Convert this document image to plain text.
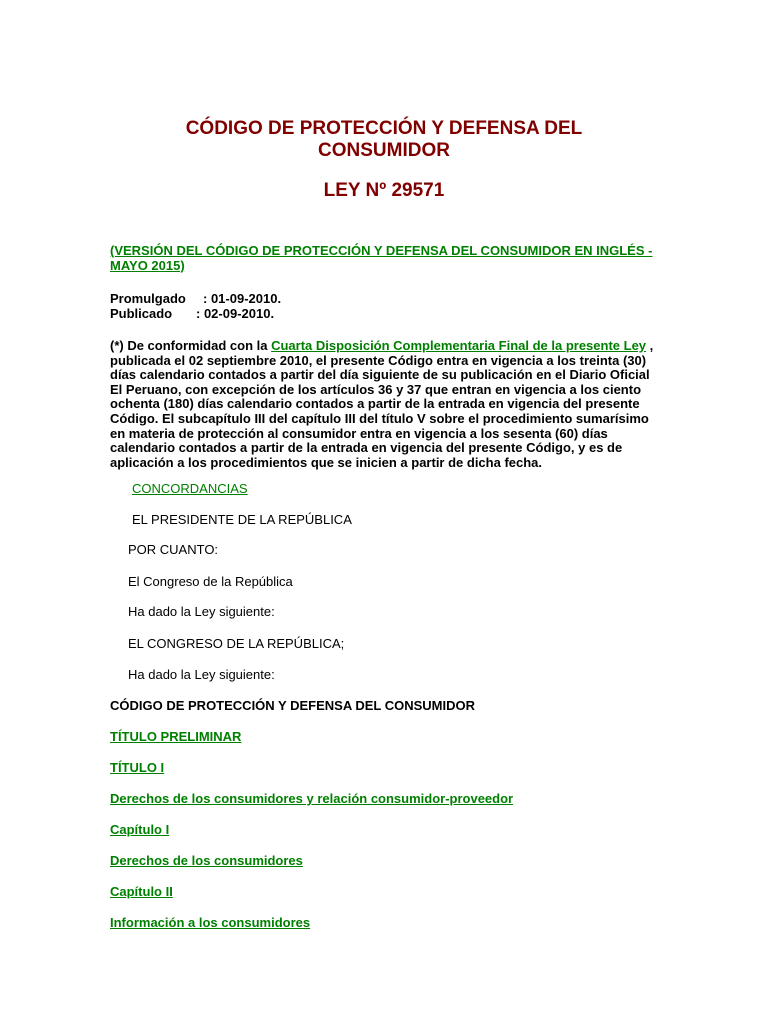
CÓDIGO DE PROTECCIÓN Y DEFENSA DEL
CONSUMIDOR
LEY Nº 29571
(VERSIÓN DEL CÓDIGO DE PROTECCIÓN Y DEFENSA DEL CONSUMIDOR EN INGLÉS -
MAYO 2015)
Promulgado : 01-09-2010.
Publicado : 02-09-2010.
(*) De conformidad con la Cuarta Disposición Complementaria Final de la presente Ley ,
publicada el 02 septiembre 2010, el presente Código entra en vigencia a los treinta (30)
días calendario contados a partir del día siguiente de su publicación en el Diario Oficial
El Peruano, con excepción de los artículos 36 y 37 que entran en vigencia a los ciento
ochenta (180) días calendario contados a partir de la entrada en vigencia del presente
Código. El subcapítulo III del capítulo III del título V sobre el procedimiento sumarísimo
en materia de protección al consumidor entra en vigencia a los sesenta (60) días
calendario contados a partir de la entrada en vigencia del presente Código, y es de
aplicación a los procedimientos que se inicien a partir de dicha fecha.
CONCORDANCIAS
EL PRESIDENTE DE LA REPÚBLICA
POR CUANTO:
El Congreso de la República
Ha dado la Ley siguiente:
EL CONGRESO DE LA REPÚBLICA;
Ha dado la Ley siguiente:
CÓDIGO DE PROTECCIÓN Y DEFENSA DEL CONSUMIDOR
TÍTULO PRELIMINAR
TÍTULO I
Derechos de los consumidores y relación consumidor-proveedor
Capítulo I
Derechos de los consumidores
Capítulo II
Información a los consumidores
